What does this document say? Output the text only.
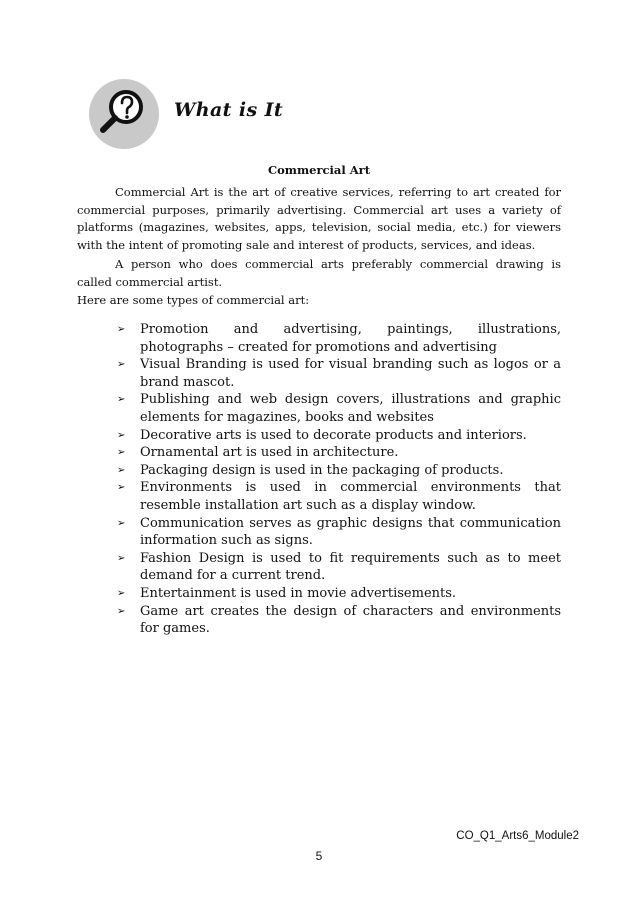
What is It
Commercial Art

Commercial Art is the art of creative services, referring to art created for commercial purposes, primarily advertising. Commercial art uses a variety of platforms (magazines, websites, apps, television, social media, etc.) for viewers with the intent of promoting sale and interest of products, services, and ideas.

A person who does commercial arts preferably commercial drawing is called commercial artist.

Here are some types of commercial art:

➢ Promotion and advertising, paintings, illustrations, photographs – created for promotions and advertising
➢ Visual Branding is used for visual branding such as logos or a brand mascot.
➢ Publishing and web design covers, illustrations and graphic elements for magazines, books and websites
➢ Decorative arts is used to decorate products and interiors.
➢ Ornamental art is used in architecture.
➢ Packaging design is used in the packaging of products.
➢ Environments is used in commercial environments that resemble installation art such as a display window.
➢ Communication serves as graphic designs that communication information such as signs.
➢ Fashion Design is used to fit requirements such as to meet demand for a current trend.
➢ Entertainment is used in movie advertisements.
➢ Game art creates the design of characters and environments for games.
CO_Q1_Arts6_Module2
5
